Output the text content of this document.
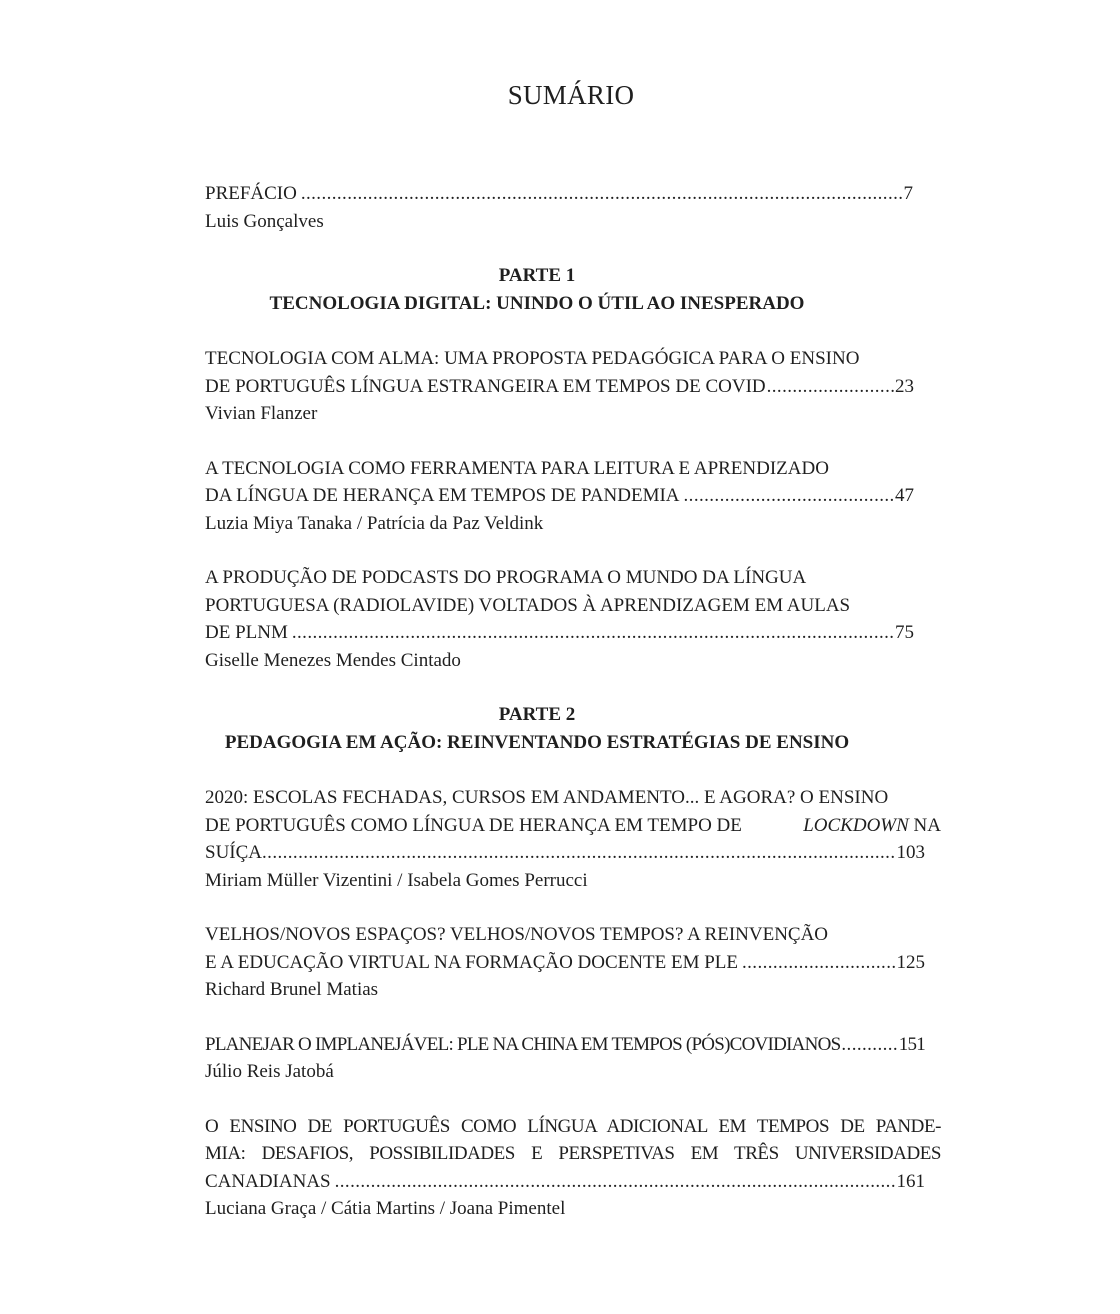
SUMÁRIO
PREFÁCIO .....	7
Luis Gonçalves
PARTE 1
TECNOLOGIA DIGITAL: UNINDO O ÚTIL AO INESPERADO
TECNOLOGIA COM ALMA: UMA PROPOSTA PEDAGÓGICA PARA O ENSINO
DE PORTUGUÊS LÍNGUA ESTRANGEIRA EM TEMPOS DE COVID .....	23
Vivian Flanzer
A TECNOLOGIA COMO FERRAMENTA PARA LEITURA E APRENDIZADO
DA LÍNGUA DE HERANÇA EM TEMPOS DE PANDEMIA .....	47
Luzia Miya Tanaka / Patrícia da Paz Veldink
A PRODUÇÃO DE PODCASTS DO PROGRAMA O MUNDO DA LÍNGUA
PORTUGUESA (RADIOLAVIDE) VOLTADOS À APRENDIZAGEM EM AULAS
DE PLNM .....	75
Giselle Menezes Mendes Cintado
PARTE 2
PEDAGOGIA EM AÇÃO: REINVENTANDO ESTRATÉGIAS DE ENSINO
2020: ESCOLAS FECHADAS, CURSOS EM ANDAMENTO... E AGORA? O ENSINO
DE PORTUGUÊS COMO LÍNGUA DE HERANÇA EM TEMPO DE	LOCKDOWN NA
SUÍÇA .....	103
Miriam Müller Vizentini / Isabela Gomes Perrucci
VELHOS/NOVOS ESPAÇOS? VELHOS/NOVOS TEMPOS? A REINVENÇÃO
E A EDUCAÇÃO VIRTUAL NA FORMAÇÃO DOCENTE EM PLE .....	125
Richard Brunel Matias
PLANEJAR O IMPLANEJÁVEL: PLE NA CHINA EM TEMPOS (PÓS)COVIDIANOS .....	151
Júlio Reis Jatobá
O ENSINO DE PORTUGUÊS COMO LÍNGUA ADICIONAL EM TEMPOS DE PANDE-
MIA: DESAFIOS, POSSIBILIDADES E PERSPETIVAS EM TRÊS UNIVERSIDADES
CANADIANAS .....	161
Luciana Graça / Cátia Martins / Joana Pimentel
